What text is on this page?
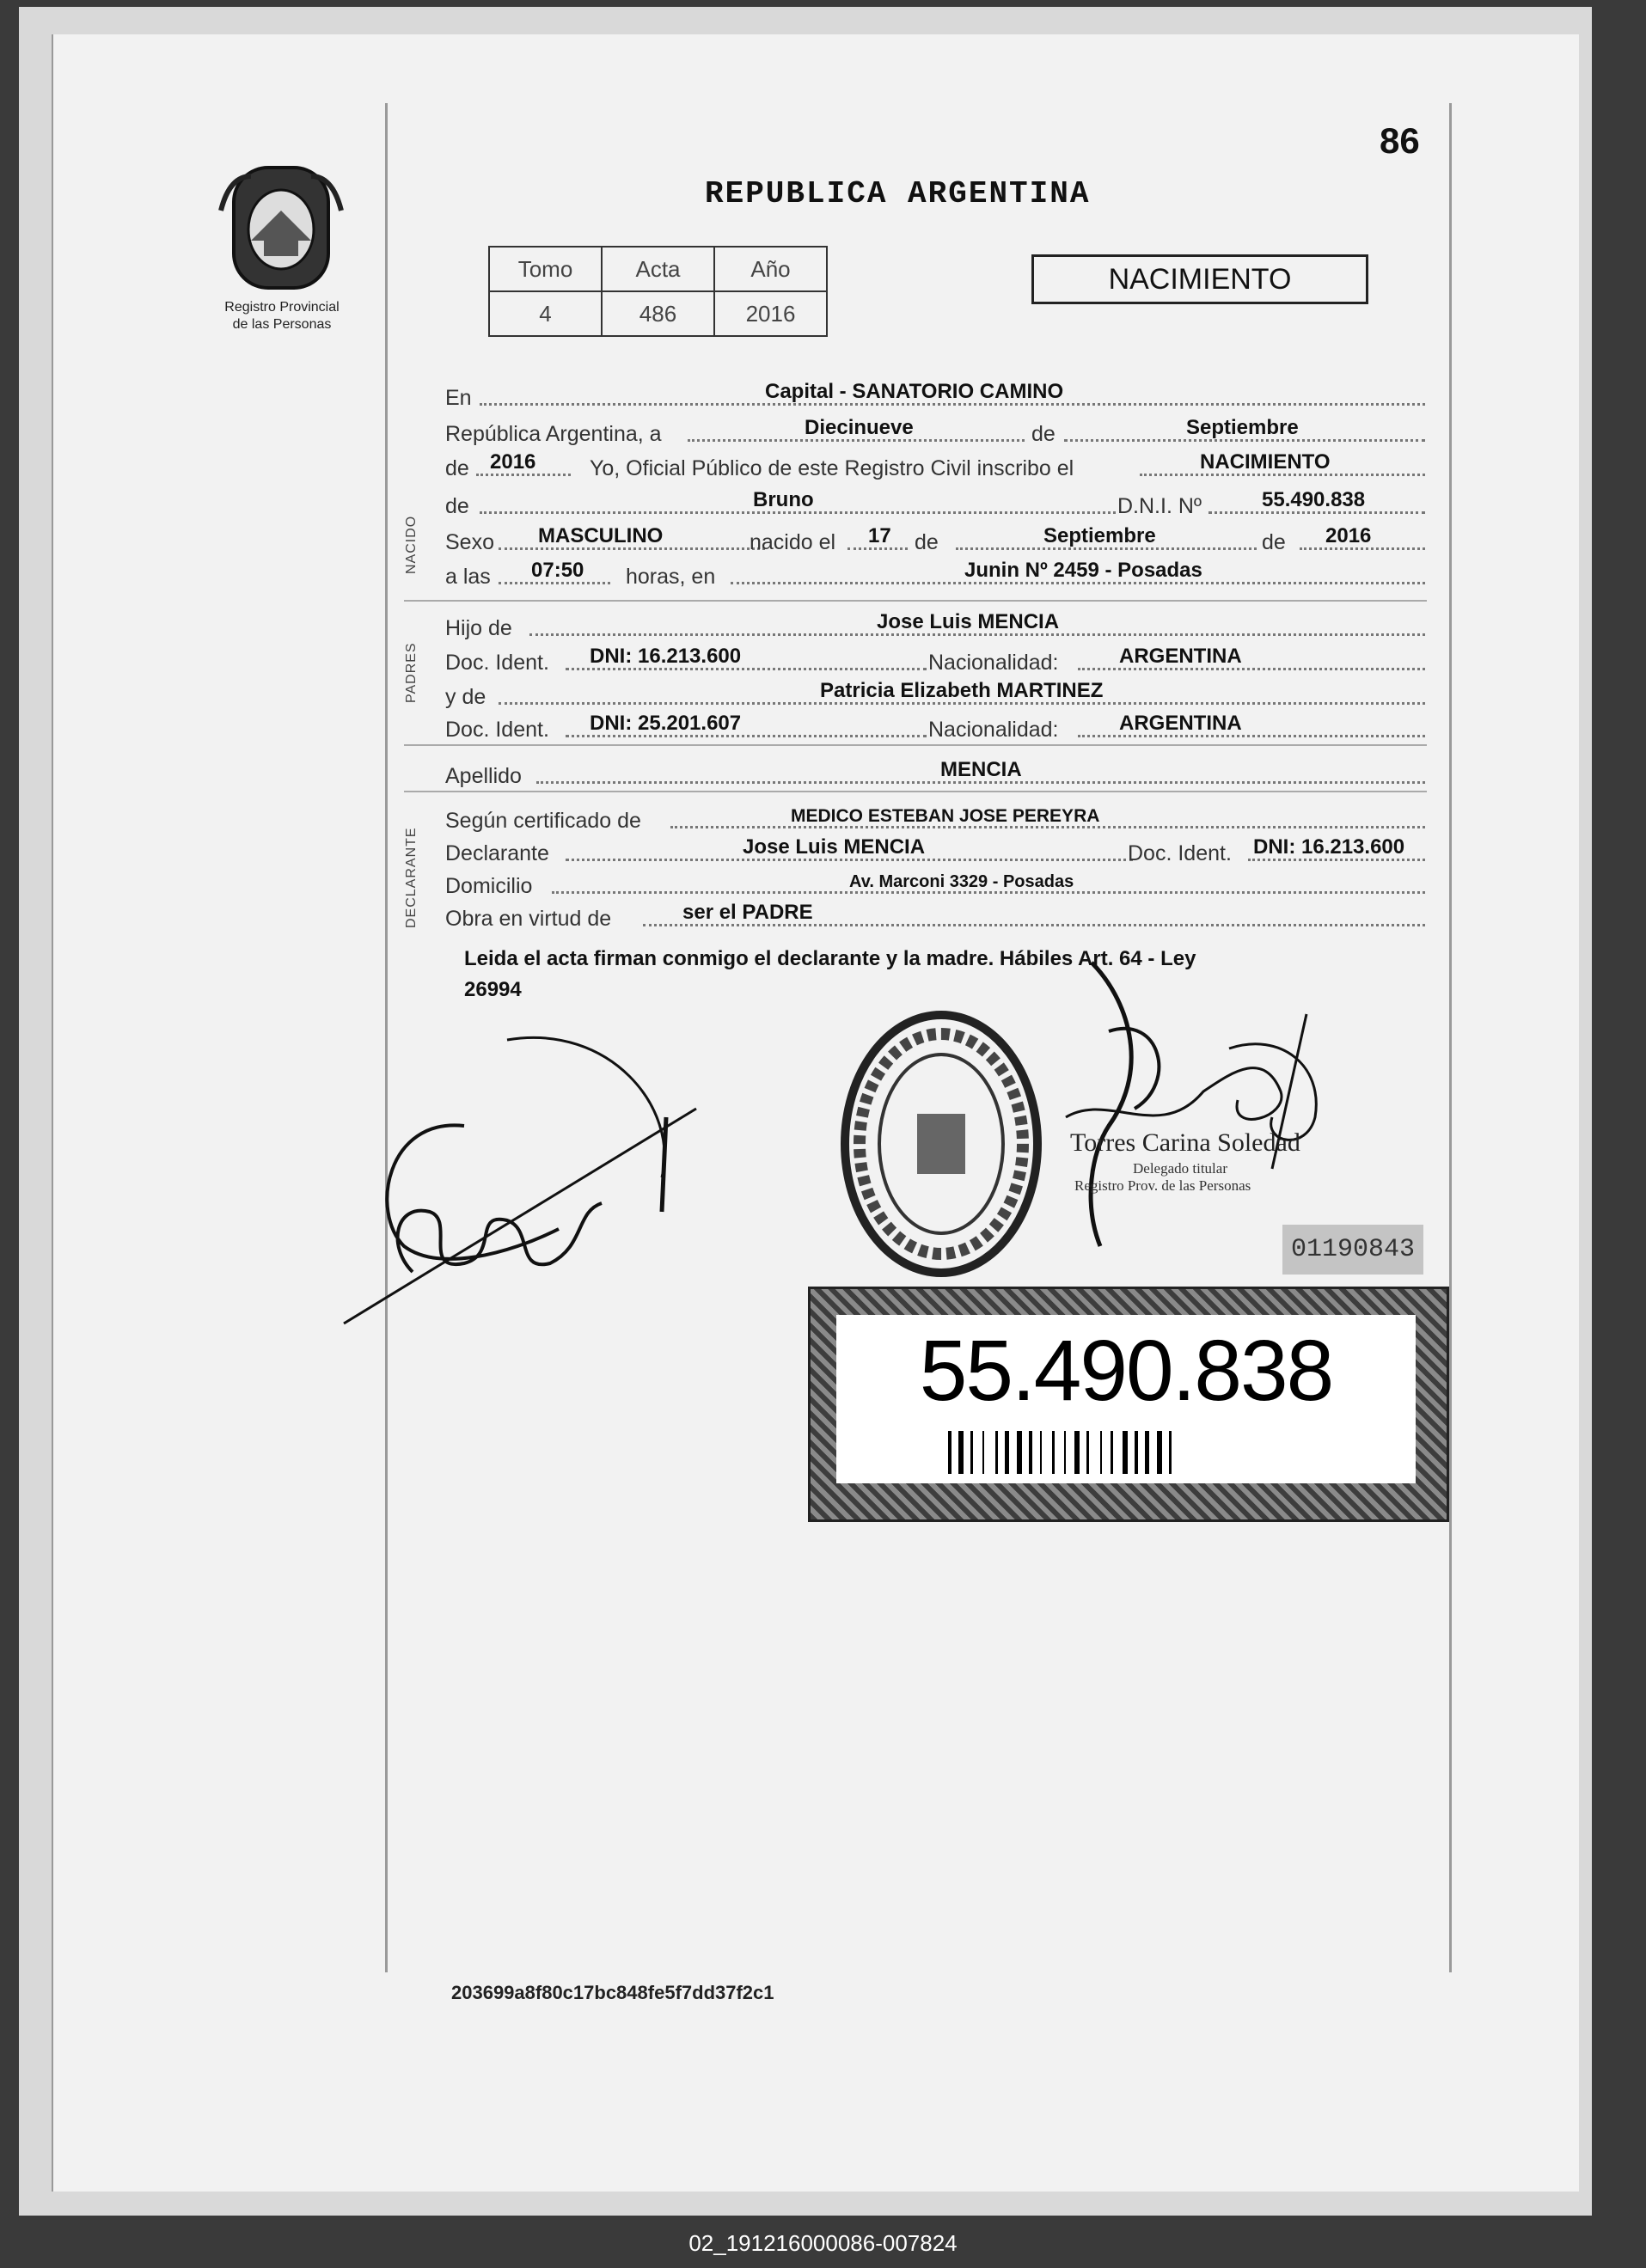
86
Registro Provincial
de las Personas
REPUBLICA ARGENTINA
Tomo	Acta	Año
4	486	2016
NACIMIENTO
NACIDO
PADRES
DECLARANTE
En	Capital - SANATORIO CAMINO
República Argentina, a	Diecinueve	de	Septiembre
de 2016	Yo, Oficial Público de este Registro Civil inscribo el	NACIMIENTO
de	Bruno	D.N.I. Nº	55.490.838
Sexo MASCULINO	nacido el 17 de	Septiembre	de 2016
a las 07:50 horas, en	Junin Nº 2459 - Posadas
Hijo de	Jose Luis MENCIA
Doc. Ident. DNI: 16.213.600	Nacionalidad:	ARGENTINA
y de	Patricia Elizabeth MARTINEZ
Doc. Ident. DNI: 25.201.607	Nacionalidad:	ARGENTINA
Apellido	MENCIA
Según certificado de	MEDICO ESTEBAN JOSE PEREYRA
Declarante	Jose Luis MENCIA	Doc. Ident. DNI: 16.213.600
Domicilio	Av. Marconi 3329 - Posadas
Obra en virtud de	ser el PADRE
Leida el acta firman conmigo el declarante y la madre. Hábiles Art. 64 - Ley
26994
Torres Carina Soledad
Delegado titular
Registro Prov. de las Personas
01190843
55.490.838
203699a8f80c17bc848fe5f7dd37f2c1
02_191216000086-007824
